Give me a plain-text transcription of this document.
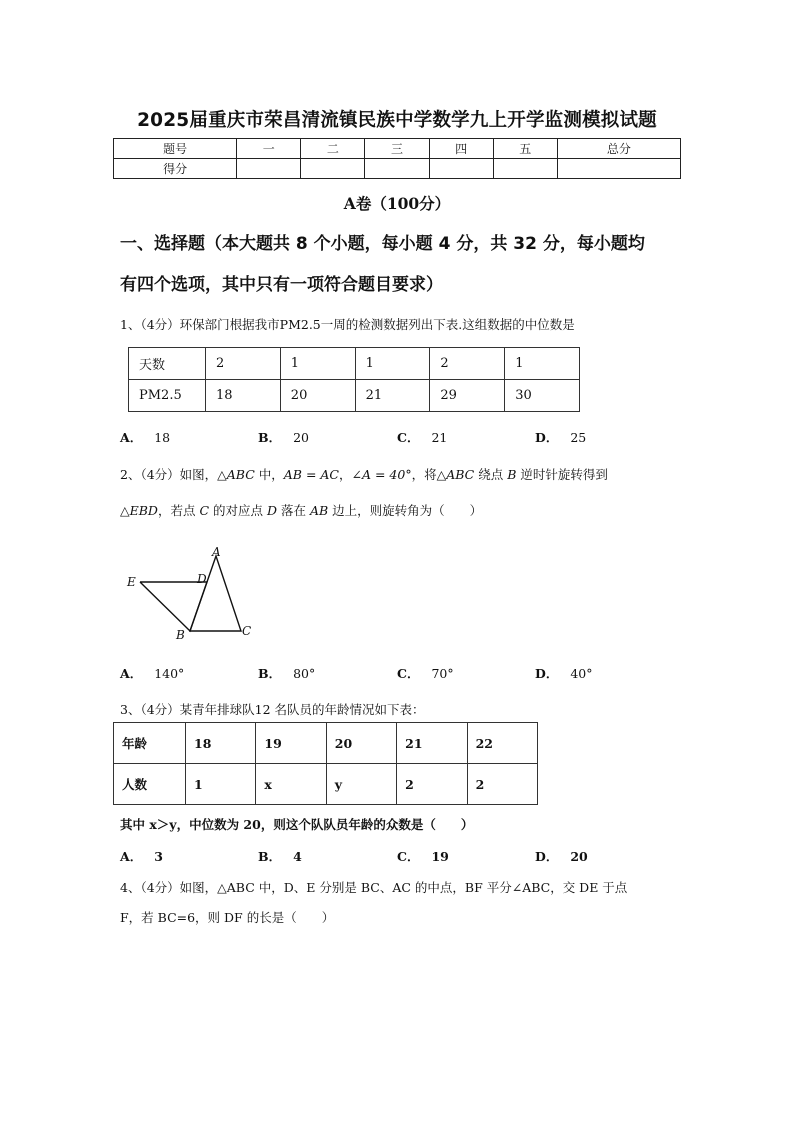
2025届重庆市荣昌清流镇民族中学数学九上开学监测模拟试题
题号	一	二	三	四	五	总分
得分						
A卷（100分）
一、选择题（本大题共 8 个小题，每小题 4 分，共 32 分，每小题均
有四个选项，其中只有一项符合题目要求）
1、（4分）环保部门根据我市PM2.5一周的检测数据列出下表.这组数据的中位数是
天数	2	1	1	2	1
PM2.5	18	20	21	29	30
A． 18	B． 20	C． 21	D． 25
2、（4分）如图，△ABC 中，AB = AC，∠A = 40°，将△ABC 绕点 B 逆时针旋转得到
△EBD，若点 C 的对应点 D 落在 AB 边上，则旋转角为（　　）
A
E	D
B	C
A． 140°	B． 80°	C． 70°	D． 40°
3、（4分）某青年排球队12 名队员的年龄情况如下表：
年龄	18	19	20	21	22
人数	1	x	y	2	2
其中 x＞y，中位数为 20，则这个队队员年龄的众数是（　　）
A． 3	B． 4	C． 19	D． 20
4、（4分）如图，△ABC 中，D、E 分别是 BC、AC 的中点，BF 平分∠ABC，交 DE 于点
F，若 BC=6，则 DF 的长是（　　）
